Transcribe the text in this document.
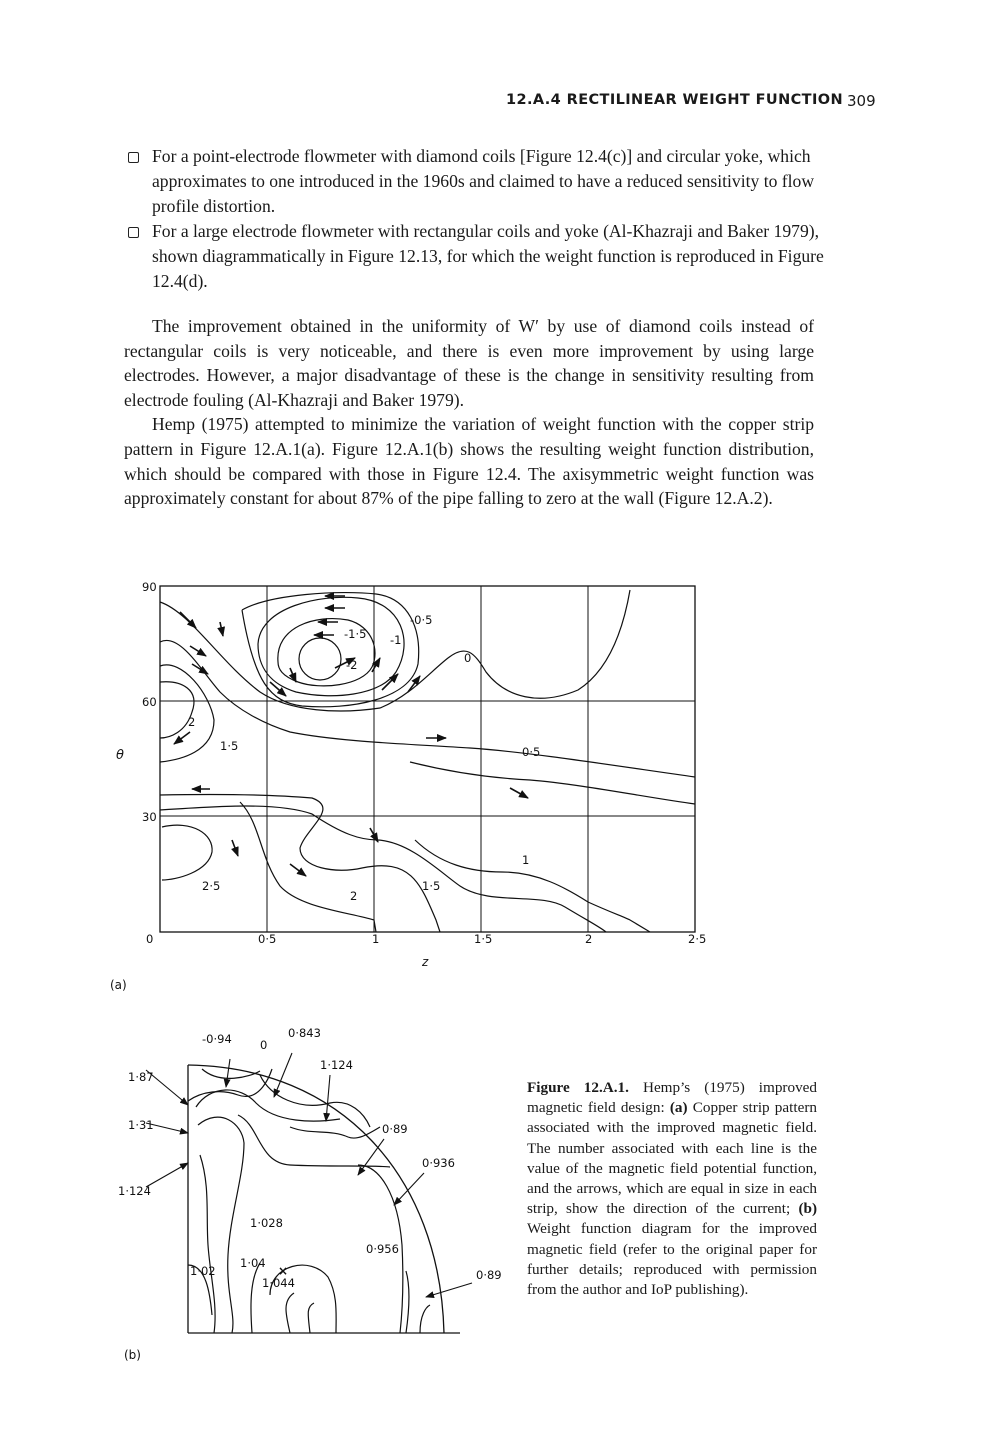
12.A.4 RECTILINEAR WEIGHT FUNCTION 309
For a point-electrode flowmeter with diamond coils [Figure 12.4(c)] and circular yoke, which approximates to one introduced in the 1960s and claimed to have a reduced sensitivity to flow profile distortion.
For a large electrode flowmeter with rectangular coils and yoke (Al-Khazraji and Baker 1979), shown diagrammatically in Figure 12.13, for which the weight function is reproduced in Figure 12.4(d).

The improvement obtained in the uniformity of W′ by use of diamond coils instead of rectangular coils is very noticeable, and there is even more improvement by using large electrodes. However, a major disadvantage of these is the change in sensitivity resulting from electrode fouling (Al-Khazraji and Baker 1979).

Hemp (1975) attempted to minimize the variation of weight function with the copper strip pattern in Figure 12.A.1(a). Figure 12.A.1(b) shows the resulting weight function distribution, which should be compared with those in Figure 12.4. The axisymmetric weight function was approximately constant for about 87% of the pipe falling to zero at the wall (Figure 12.A.2).

90
60
30
θ
0	0·5	1	1·5	2	2·5
z
(a)
-0·5
-1·5 -1
-2	0
2
1·5	0·5
1
2·5
2
1·5
-0·94 0
0·843
1·87
1·124
1·31	0·89
0·936
1·124
1·028
0·956
1·02
1·04
1·044
0·89
×
(b)
Figure 12.A.1. Hemp’s (1975) improved magnetic field design: (a) Copper strip pattern associated with the improved magnetic field. The number associated with each line is the value of the magnetic field potential function, and the arrows, which are equal in size in each strip, show the direction of the current; (b) Weight function diagram for the improved magnetic field (refer to the original paper for further details; reproduced with permission from the author and IoP publishing).
